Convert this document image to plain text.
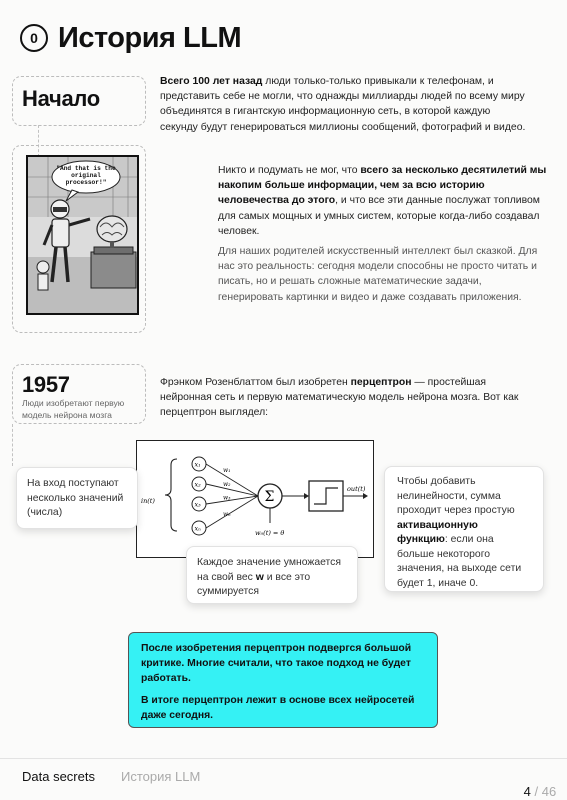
0 История LLM
Начало
Всего 100 лет назад люди только-только привыкали к телефонам, и представить себе не могли, что однажды миллиарды людей по всему миру объединятся в гигантскую информационную сеть, в которой каждую секунду будут генерироваться миллионы сообщений, фотографий и видео.
Никто и подумать не мог, что всего за несколько десятилетий мы накопим больше информации, чем за всю историю человечества до этого, и что все эти данные послужат топливом для самых мощных и умных систем, которые когда-либо создавал человек.
Для наших родителей искусственный интеллект был сказкой. Для нас это реальность: сегодня модели способны не просто читать и писать, но и решать сложные математические задачи, генерировать картинки и видео и даже создавать приложения.
"And that is the original processor!"
1957
Люди изобретают первую модель нейрона мозга
Фрэнком Розенблаттом был изобретен перцептрон — простейшая нейронная сеть и первую математическую модель нейрона мозга. Вот как перцептрон выглядел:
in(t)
x₁
w₁
x₂	w₂
x₃
w₃
xₙ
wₙ
Σ
w₀(t) = θ
out(t)
На вход поступают несколько значений (числа)
Каждое значение умножается на свой вес w и все это суммируется
Чтобы добавить нелинейности, сумма проходит через простую активационную функцию: если она больше некоторого значения, на выходе сети будет 1, иначе 0.
После изобретения перцептрон подвергся большой критике. Многие считали, что такое подход не будет работать.
В итоге перцептрон лежит в основе всех нейросетей даже сегодня.
Data secrets История LLM

4 / 46
